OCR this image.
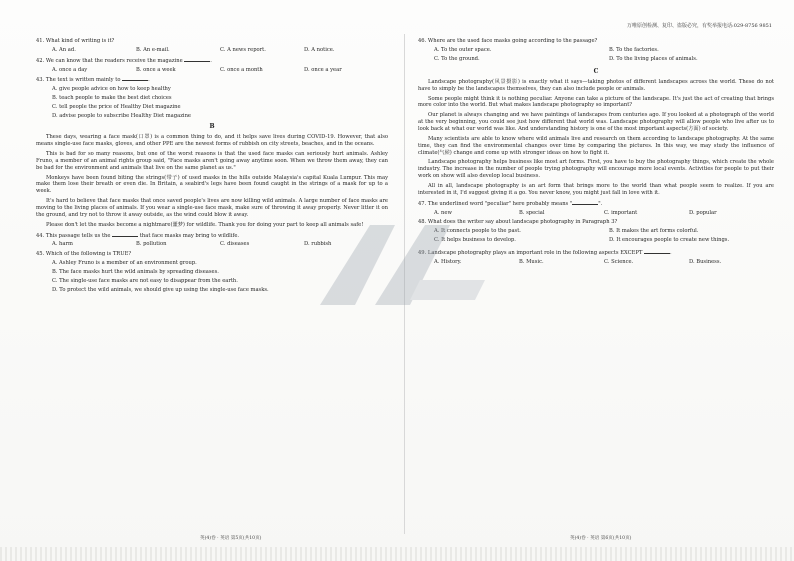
万唯原创检测、复印、盗版必究，有奖举报电话:029-8756 9851
41. What kind of writing is it?
A. An ad.	B. An e-mail.	C. A news report.	D. A notice.
42. We can know that the readers receive the magazine	.
A. once a day	B. once a week	C. once a month	D. once a year
43. The text is written mainly to	.
A. give people advice on how to keep healthy
B. teach people to make the best diet choices
C. tell people the price of Healthy Diet magazine
D. advise people to subscribe Healthy Diet magazine
B

These days, wearing a face mask(口罩) is a common thing to do, and it helps save lives during COVID-19. However, that also means single-use face masks, gloves, and other PPE are the newest forms of rubbish on city streets, beaches, and in the oceans.

This is bad for so many reasons, but one of the worst reasons is that the used face masks can seriously hurt animals. Ashley Fruno, a member of an animal rights group said, "Face masks aren't going away anytime soon. When we throw them away, they can be bad for the environment and animals that live on the same planet as us."

Monkeys have been found biting the strings(带子) of used masks in the hills outside Malaysia's capital Kuala Lumpur. This may make them lose their breath or even die. In Britain, a seabird's legs have been found caught in the strings of a mask for up to a week.

It's hard to believe that face masks that once saved people's lives are now killing wild animals. A large number of face masks are moving to the living places of animals. If you wear a single-use face mask, make sure of throwing it away properly. Never litter it on the ground, and try not to throw it away outside, as the wind could blow it away.

Please don't let the masks become a nightmare(噩梦) for wildlife. Thank you for doing your part to keep all animals safe!

44. This passage tells us the	that face masks may bring to wildlife.
A. harm	B. pollution	C. diseases	D. rubbish
45. Which of the following is TRUE?
A. Ashley Fruno is a member of an environment group.
B. The face masks hurt the wild animals by spreading diseases.
C. The single-use face masks are not easy to disappear from the earth.
D. To protect the wild animals, we should give up using the single-use face masks.
46. Where are the used face masks going according to the passage?
A. To the outer space.	B. To the factories.
C. To the ground.	D. To the living places of animals.
C

Landscape photography(风景摄影) is exactly what it says—taking photos of different landscapes across the world. These do not have to simply be the landscapes themselves, they can also include people or animals.

Some people might think it is nothing peculiar. Anyone can take a picture of the landscape. It's just the act of creating that brings more color into the world. But what makes landscape photography so important?

Our planet is always changing and we have paintings of landscapes from centuries ago. If you looked at a photograph of the world at the very beginning, you could see just how different that world was. Landscape photography will allow people who live after us to look back at what our world was like. And understanding history is one of the most important aspects(方面) of society.

Many scientists are able to know where wild animals live and research on them according to landscape photography. At the same time, they can find the environmental changes over time by comparing the pictures. In this way, we may study the influence of climate(气候) change and come up with stronger ideas on how to fight it.

Landscape photography helps business like most art forms. First, you have to buy the photography things, which create the whole industry. The increase in the number of people trying photography will encourage more local events. Activities for people to put their work on show will also develop local business.

All in all, landscape photography is an art form that brings more to the world than what people seem to realize. If you are interested in it, I'd suggest giving it a go. You never know, you might just fall in love with it.

47. The underlined word "peculiar" here probably means "	".
A. new	B. special	C. important	D. popular
48. What does the writer say about landscape photography in Paragraph 3?
A. It connects people to the past.	B. It makes the art forms colorful.
C. It helps business to develop.	D. It encourages people to create new things.
49. Landscape photography plays an important role in the following aspects EXCEPT	.
A. History.	B. Music.	C. Science.	D. Business.
英(4)卷 · 英语 第5页(共10页)	英(4)卷 · 英语 第6页(共10页)
